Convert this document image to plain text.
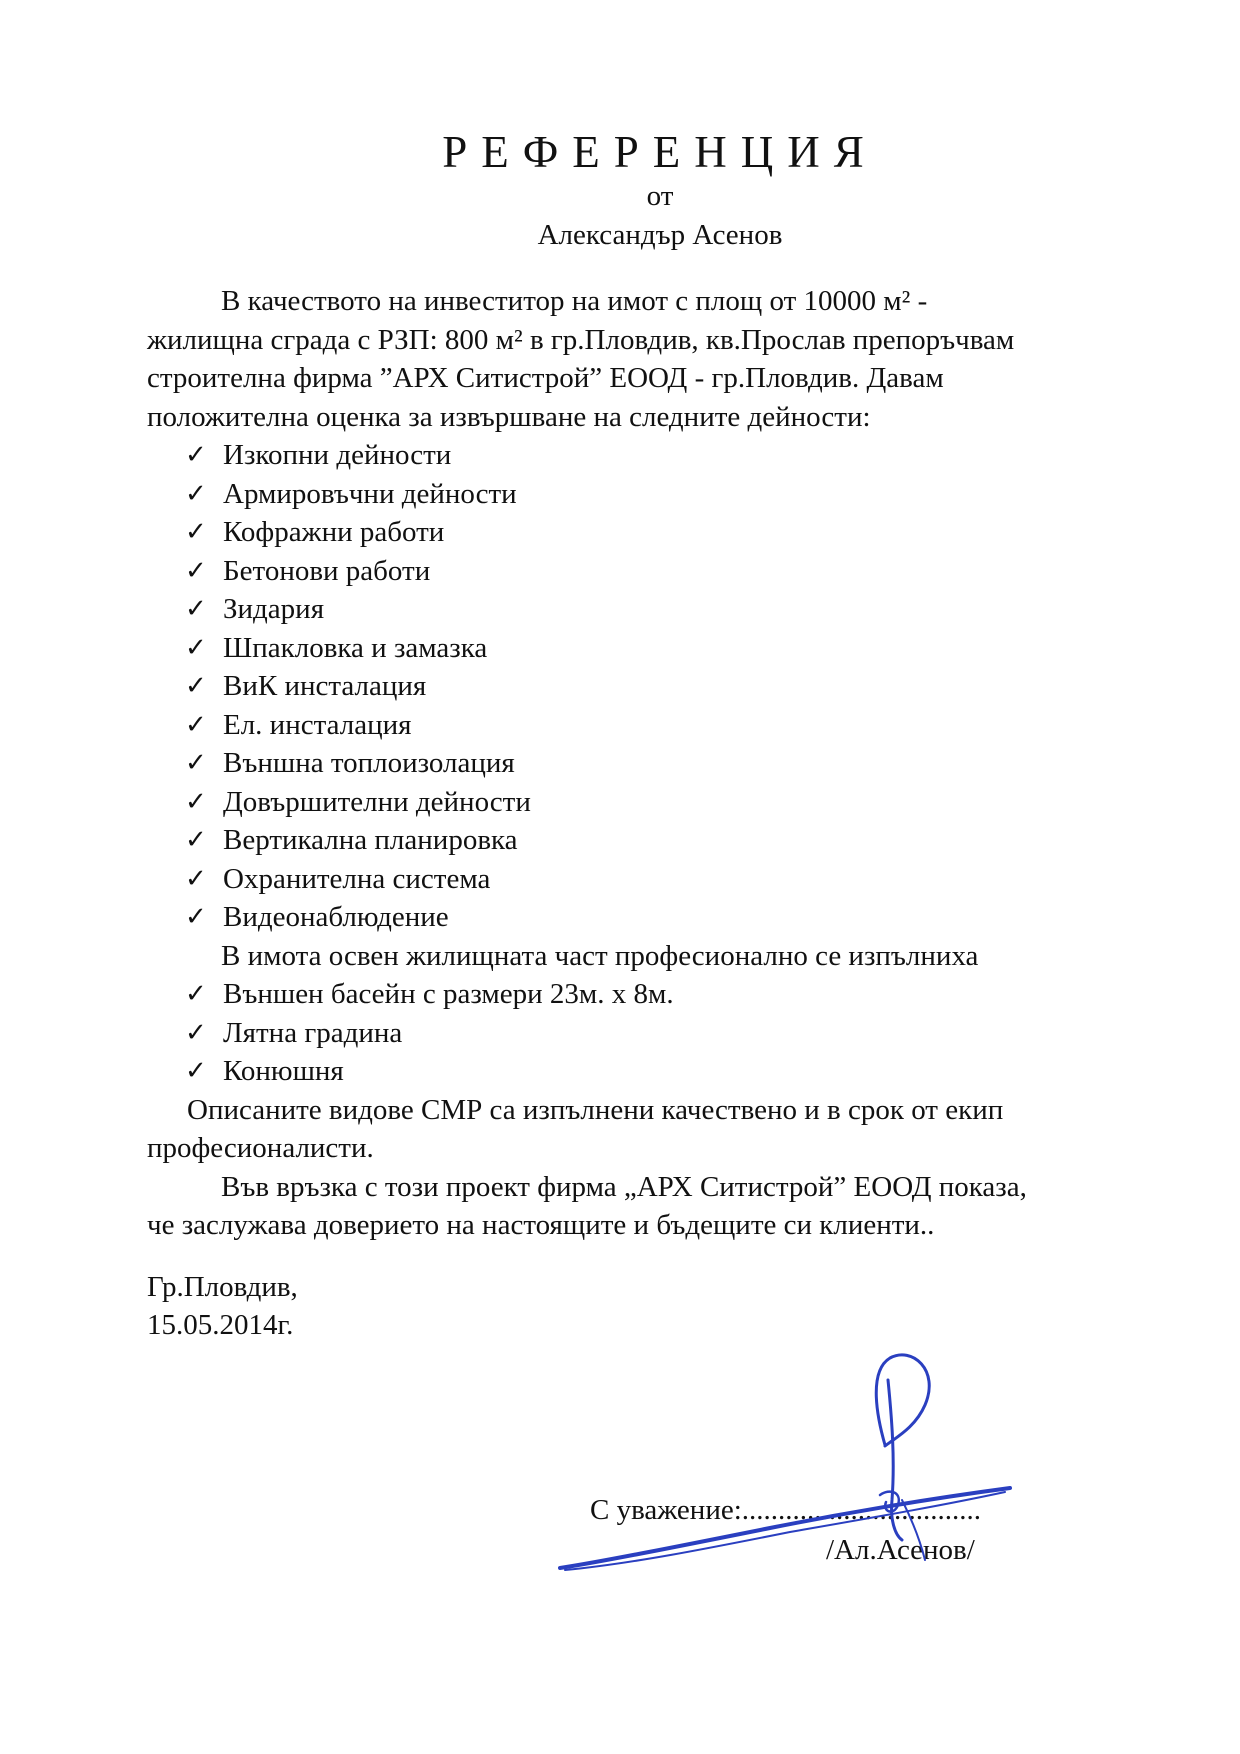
РЕФЕРЕНЦИЯ
от
Александър Асенов

В качеството на инвеститор на имот с площ от 10000 м² -

жилищна сграда с РЗП: 800 м² в гр.Пловдив, кв.Прослав препоръчвам

строителна фирма ”АРХ Ситистрой” ЕООД - гр.Пловдив. Давам

положителна оценка за извършване на следните дейности:

✓ Изкопни дейности
✓ Армировъчни дейности
✓ Кофражни работи
✓ Бетонови работи
✓ Зидария
✓ Шпакловка и замазка
✓ ВиК инсталация
✓ Ел. инсталация
✓ Външна топлоизолация
✓ Довършителни дейности
✓ Вертикална планировка
✓ Охранителна система
✓ Видеонаблюдение

В имота освен жилищната част професионално се изпълниха

✓ Външен басейн с размери 23м. х 8м.
✓ Лятна градина
✓ Конюшня

Описаните видове СМР са изпълнени качествено и в срок от екип

професионалисти.

Във връзка с този проект фирма „АРХ Ситистрой” ЕООД показа,

че заслужава доверието на настоящите и бъдещите си клиенти..

Гр.Пловдив,
15.05.2014г.
С уважение:.................................
/Ал.Асенов/
